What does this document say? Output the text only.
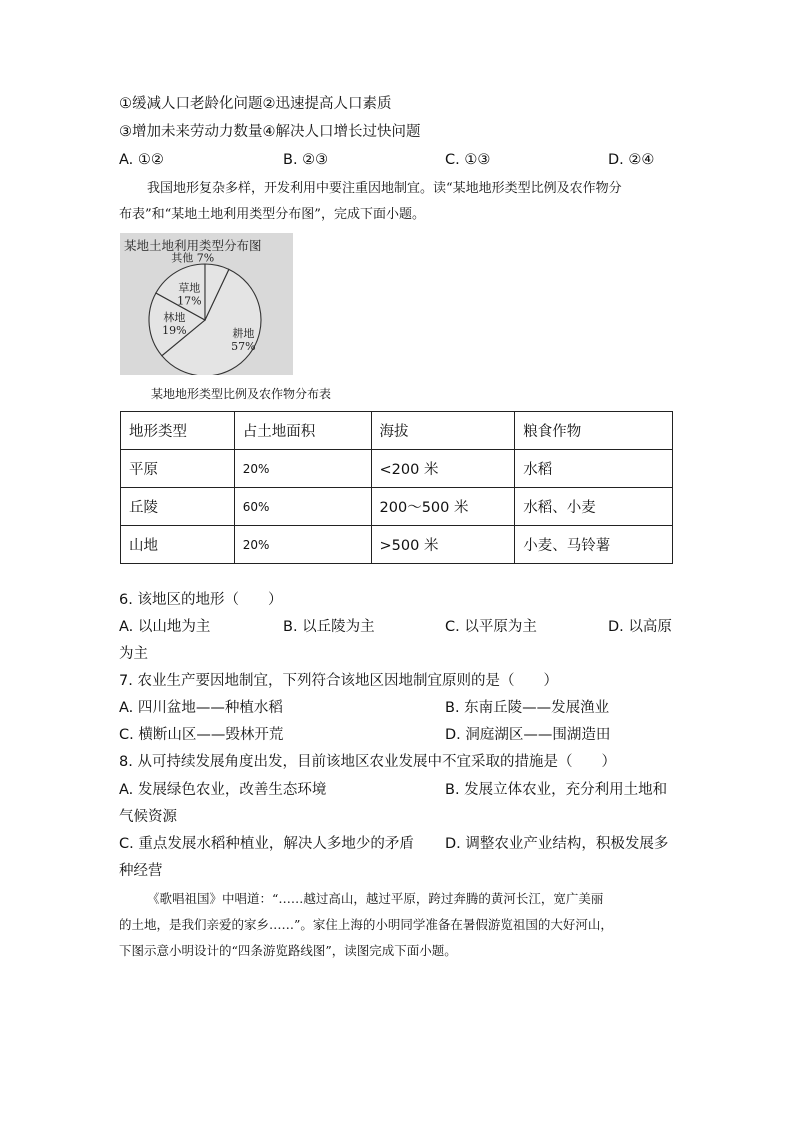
①缓减人口老龄化问题②迅速提高人口素质
③增加未来劳动力数量④解决人口增长过快问题
A. ①②	B. ②③	C. ①③	D. ②④
我国地形复杂多样，开发利用中要注重因地制宜。读“某地地形类型比例及农作物分
布表”和“某地土地利用类型分布图”，完成下面小题。
某地土地利用类型分布图
耕地
57%
林地
19%
草地
17%
其他 7%
某地地形类型比例及农作物分布表
地形类型	占土地面积	海拔	粮食作物
平原	20%	<200 米	水稻
丘陵	60%	200～500 米	水稻、小麦
山地	20%	>500 米	小麦、马铃薯
6. 该地区的地形（　　）
A. 以山地为主	B. 以丘陵为主	C. 以平原为主	D. 以高原
为主
7. 农业生产要因地制宜，下列符合该地区因地制宜原则的是（　　）
A. 四川盆地——种植水稻	B. 东南丘陵——发展渔业
C. 横断山区——毁林开荒	D. 洞庭湖区——围湖造田
8. 从可持续发展角度出发，目前该地区农业发展中不宜采取的措施是（　　）
A. 发展绿色农业，改善生态环境	B. 发展立体农业，充分利用土地和
气候资源
C. 重点发展水稻种植业，解决人多地少的矛盾 D. 调整农业产业结构，积极发展多
种经营
《歌唱祖国》中唱道：“……越过高山，越过平原，跨过奔腾的黄河长江，宽广美丽
的土地，是我们亲爱的家乡……”。家住上海的小明同学准备在暑假游览祖国的大好河山，
下图示意小明设计的“四条游览路线图”，读图完成下面小题。
